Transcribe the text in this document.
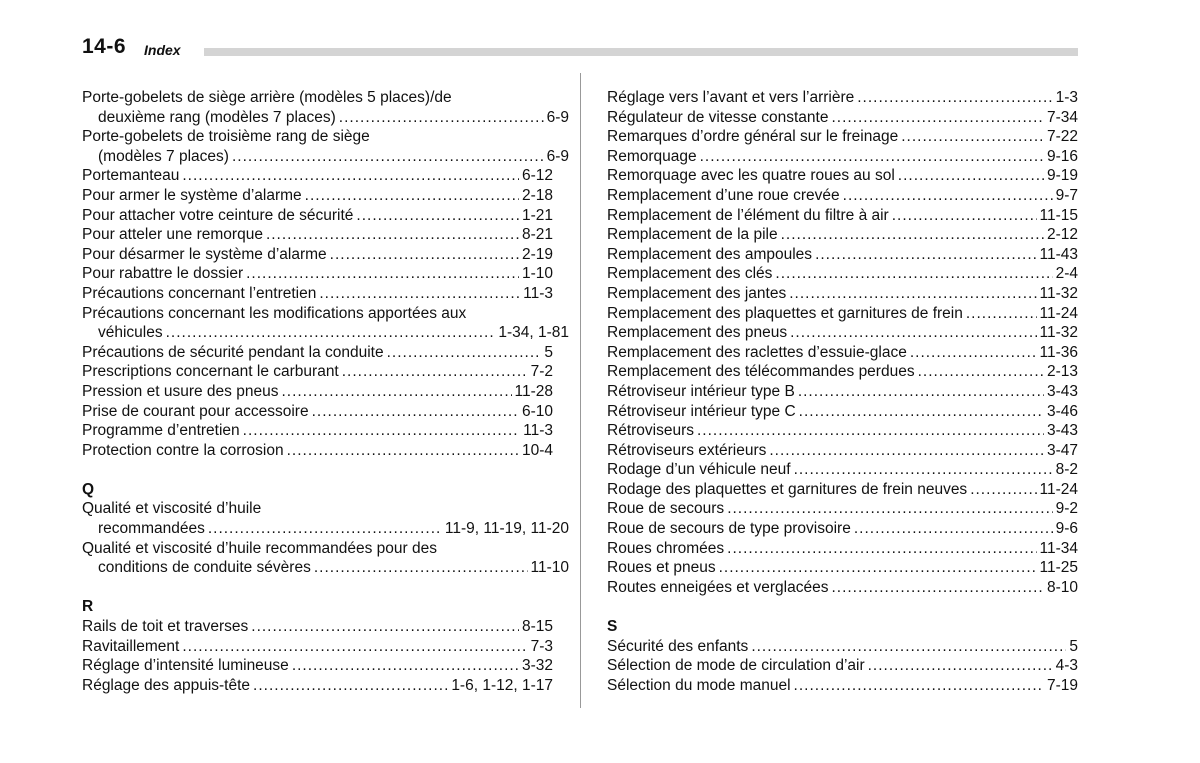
14-6 Index
Porte-gobelets de siège arrière (modèles 5 places)/de
deuxième rang (modèles 7 places) .....	6-9
Porte-gobelets de troisième rang de siège
(modèles 7 places) .....	6-9
Portemanteau .....	6-12
Pour armer le système d’alarme .....	2-18
Pour attacher votre ceinture de sécurité .....	1-21
Pour atteler une remorque .....	8-21
Pour désarmer le système d’alarme .....	2-19
Pour rabattre le dossier .....	1-10
Précautions concernant l’entretien .....	11-3
Précautions concernant les modifications apportées aux
véhicules .....	1-34, 1-81
Précautions de sécurité pendant la conduite .....	5
Prescriptions concernant le carburant .....	7-2
Pression et usure des pneus .....	11-28
Prise de courant pour accessoire .....	6-10
Programme d’entretien .....	11-3
Protection contre la corrosion .....	10-4
Q
Qualité et viscosité d’huile
recommandées .....	11-9, 11-19, 11-20
Qualité et viscosité d’huile recommandées pour des
conditions de conduite sévères .....	11-10
R
Rails de toit et traverses .....	8-15
Ravitaillement .....	7-3
Réglage d’intensité lumineuse .....	3-32
Réglage des appuis-tête .....	1-6, 1-12, 1-17
Réglage vers l’avant et vers l’arrière .....	1-3
Régulateur de vitesse constante .....	7-34
Remarques d’ordre général sur le freinage .....	7-22
Remorquage .....	9-16
Remorquage avec les quatre roues au sol .....	9-19
Remplacement d’une roue crevée .....	9-7
Remplacement de l’élément du filtre à air .....	11-15
Remplacement de la pile .....	2-12
Remplacement des ampoules .....	11-43
Remplacement des clés .....	2-4
Remplacement des jantes .....	11-32
Remplacement des plaquettes et garnitures de frein .....	11-24
Remplacement des pneus .....	11-32
Remplacement des raclettes d’essuie-glace .....	11-36
Remplacement des télécommandes perdues .....	2-13
Rétroviseur intérieur type B .....	3-43
Rétroviseur intérieur type C .....	3-46
Rétroviseurs .....	3-43
Rétroviseurs extérieurs .....	3-47
Rodage d’un véhicule neuf .....	8-2
Rodage des plaquettes et garnitures de frein neuves .....	11-24
Roue de secours .....	9-2
Roue de secours de type provisoire .....	9-6
Roues chromées .....	11-34
Roues et pneus .....	11-25
Routes enneigées et verglacées .....	8-10
S
Sécurité des enfants .....	5
Sélection de mode de circulation d’air .....	4-3
Sélection du mode manuel .....	7-19
